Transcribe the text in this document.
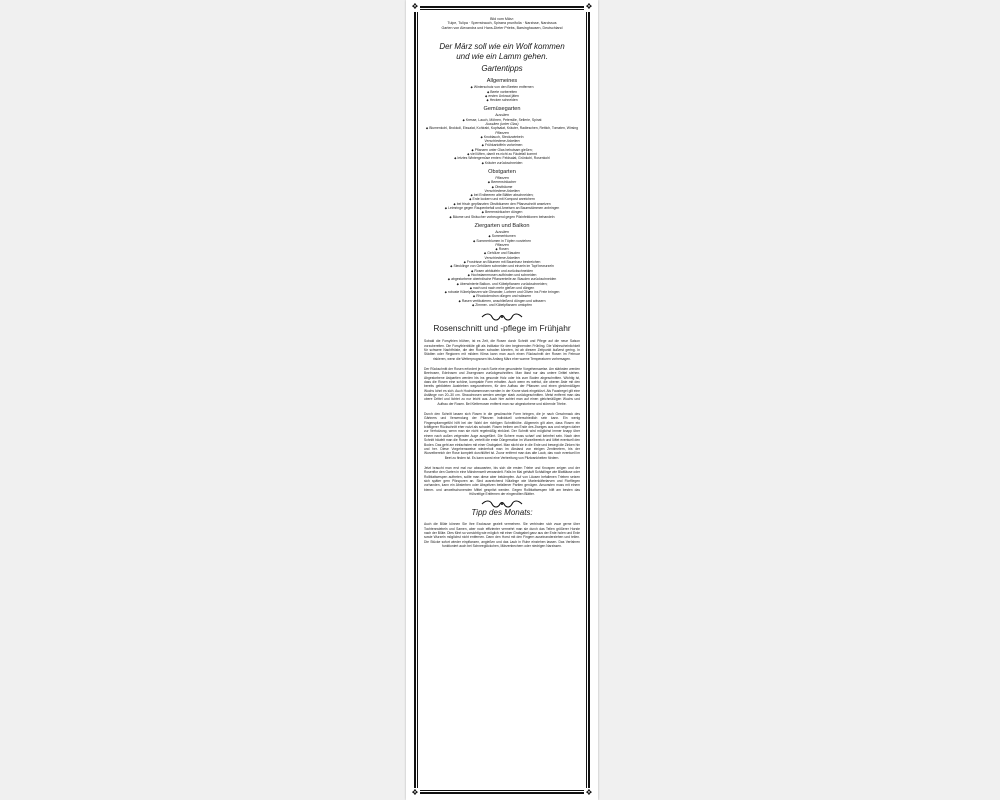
❖	❖
❖	❖
Bild vom März:
Tulpe, Tulipa · Sperrstrauch, Spiraea prunifolia · Narzisse, Narcissus
Garten von Alexandra und Hans-Dieter Priebs, Barsinghausen, Deutschland
Der März soll wie ein Wolf kommen
und wie ein Lamm gehen.
Gartentipps
Allgemeines
◆ Winterschutz von den Beeten entfernen
◆ Beete vorbereiten
◆ ersten Unkraut jäten
◆ Hecken schneiden
Gemüsegarten
Aussäen
◆ Kresse, Lauch, Möhren, Petersilie, Sellerie, Spinat
Aussäen (unter Glas)
◆ Blumenkohl, Brokkoli, Eissalat, Kohlrabi, Kopfsalat, Kräuter, Radieschen, Rettich, Tomaten, Wirsing
Pflanzen
◆ Knoblauch, Steckzwiebeln
Verschiedene Arbeiten
◆ Frühkartoffeln vorkeimen
◆ Pflanzen unter Glas behutsam gießen;
◆ viel lüften, damit es nicht zu Fäulefall kommt
◆ letztes Wintergemüse ernten: Feldsalat, Grünkohl, Rosenkohl
◆ Kräuter zurückschneiden
Obstgarten
Pflanzen
◆ Beerensträucher
◆ Obstbäume
Verschiedene Arbeiten
◆ bei Erdbeeren alte Blätter abschneiden;
◆ Erde lockern und mit Kompost anreichern
◆ bei frisch gepflanzten Obstbäumen den Pflanzschnitt ansetzen
◆ Leimringe gegen Raupenbefall und Ameisen an Baumstämmen anbringen
◆ Beerensträucher düngen
◆ Bäume und Sträucher vorbeugend gegen Pilzinfektionen behandeln
Ziergarten und Balkon
Aussäen
◆ Sommerblumen
◆ Sommerblumen in Töpfen vorziehen
Pflanzen
◆ Rosen
◆ Gehölze und Stauden
Verschiedene Arbeiten
◆ Frostrisse an Bäumen mit Baumharz bestreichen
◆ Stecklinge von Gehölzen schneiden und einzeln im Topf bewurzeln
◆ Rosen abhäufeln und zurückschneiden
◆ Hochstammrosen aufbinden und schneiden
◆ abgestorbene oberirdische Pflanzenteile an Stauden zurückschneiden
◆ überwinterte Balkon- und Kübelpflanzen zurückschneiden;
◆ nach und nach mehr gießen und düngen
◆ robuste Kübelpflanzen wie Oleander, Lorbeer und Oliven ins Freie bringen
◆ Rhododendron düngen und wässern
◆ Rasen vertikutieren, anschließend düngen und wässern
◆ Zimmer- und Kübelpflanzen umtopfen
Rosenschnitt und -pflege im Frühjahr
Sobald die Forsythien blühen, ist es Zeit, die Rosen durch Schnitt und Pflege auf die neue Saison vorzubereiten. Die Forsythienblüte gilt als Indikator für den beginnenden Frühling. Die Wahrscheinlichkeit für schwere Nachtfröste, die den Rosen schaden könnten, ist ab diesem Zeitpunkt äußerst gering. In Städten oder Regionen mit mildem Klima kann man auch einen Rückschnitt der Rosen im Februar riskieren, wenn die Wetterprognosen bis Anfang März eher warme Temperaturen vorhersagen.
Der Rückschnitt der Rosen erfordert je nach Sorte eine gesonderte Vorgehensweise. Am stärksten werden Beetrosen, Edelrosen und Zwergrosen zurückgeschnitten. Man lässt nur das untere Drittel stehen. Abgestorbene Astpartien werden bis ins gesunde Holz oder bis zum Boden abgeschnitten. Wichtig ist, dass die Rosen eine schöne, kompakte Form erhalten. Auch wenn es wehtut, die oberen Äste mit den bereits gebildeten Austrieben wegzunehmen, für den Aufbau der Pflanzen und einen gleichmäßigen Wuchs lohnt es sich. Auch Hochstammrosen werden in der Krone stark eingekürzt. Als Faustregel gilt eine Astlänge von 20–30 cm. Strauchrosen werden weniger stark zurückgeschnitten. Meist entfernt man das obere Drittel und lichtet zu nur leicht aus. Auch hier achtet man auf einen gleichmäßigen Wuchs und Aufbau der Rosen. Bei Kletterrosen entfernt man nur abgestorbene und störende Triebe.
Durch den Schnitt lassen sich Rosen in die gewünschte Form bringen, die je nach Geschmack des Gärtners und Verwendung der Pflanzen individuell unterschiedlich sein kann. Ein wenig Fingerspitzengefühl hilft bei der Wahl der richtigen Schnitthöhe. Allgemein gilt aber, dass Rosen ein kräftigerer Rückschnitt eher nutzt als schadet. Rosen treiben am Ende des Zweiges aus und neigen daher zur Verholzung, wenn man sie nicht regelmäßig einkürzt. Der Schnitt wird möglichst immer knapp über einem nach außen zeigenden Auge ausgeführt. Die Schere muss scharf und keimfrei sein. Nach dem Schnitt häufelt man die Rosen ab, verteilt die erste Düngerration im Wurzelbereich und lüftet eventuell den Boden. Das geht am einfachsten mit einer Grabgabel. Man sticht sie in die Erde und bewegt die Zinken hin und her. Diese Vorgehensweise wiederholt man im Abstand von einigen Zentimetern, bis der Wurzelbereich der Rose komplett durchlüftet ist. Zuvor entfernt man das alte Laub, das noch eventuell im Beet zu finden ist. Es kann sonst eine Verbreitung von Pilzkrankheiten fördern.
Jetzt braucht man erst mal nur abzuwarten, bis sich die ersten Triebe und Knospen zeigen und der Rosenflor den Garten in eine Märchenwelt verwandelt. Falls im Mai gehäuft Schädlinge wie Blattläuse oder Rollblattwespen auftreten, sollte man diese aber bekämpfen. Auf von Läusen befallenen Trieben setzen sich später gern Pilzsporen an. Sind ausreichend Nützlinge wie Marienkäferlarven und Florfliegen vorhanden, kann ein Absterben oder Abspritzen befallener Partien genügen. Ansonsten muss mit einem biener- und umweltschonenden Mittel gespritzt werden. Gegen Rollblattwespen hilft am besten das frühzeitige Entfernen der eingerollten Blätter.
Tipp des Monats:
Auch die Blüte können Sie Ihre Exoksuse gezielt vermehren. Sie verbinden sich zwar gerne über Tochterzwiebeln und Samen, aber noch effizienter vermehrt man sie durch das Teilen größerer Horste nach der Blüte. Dies führt so vorsichtig wie möglich mit einer Grabgabel ganz aus der Erde holen und Erde sowie Wurzeln möglichst nicht entfernen. Dann den Horst mit den Fingern auseinanderziehen und teilen. Die Stücke sofort wieder einpflanzen, angießen und das Laub in Ruhe einziehen lassen. Das Verfahren funktioniert auch bei Schneeglöckchen, Märzenbechern oder niedrigen Narzissen.
